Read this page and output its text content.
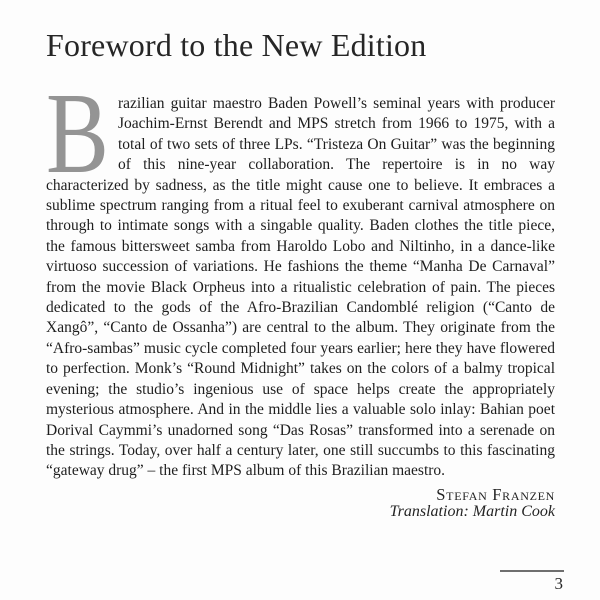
Foreword to the New Edition
Brazilian guitar maestro Baden Powell’s seminal years with producer Joachim-Ernst Berendt and MPS stretch from 1966 to 1975, with a total of two sets of three LPs. “Tristeza On Guitar” was the beginning of this nine-year collaboration. The repertoire is in no way characterized by sadness, as the title might cause one to believe. It embraces a sublime spectrum ranging from a ritual feel to exuberant carnival atmosphere on through to intimate songs with a singable quality. Baden clothes the title piece, the famous bittersweet samba from Haroldo Lobo and Niltinho, in a dance-like virtuoso succession of variations. He fashions the theme “Manha De Carnaval” from the movie Black Orpheus into a ritualistic celebration of pain. The pieces dedicated to the gods of the Afro-Brazilian Candomblé religion (“Canto de Xangô”, “Canto de Ossanha”) are central to the album. They originate from the “Afro-sambas” music cycle completed four years earlier; here they have flowered to perfection. Monk’s “Round Midnight” takes on the colors of a balmy tropical evening; the studio’s ingenious use of space helps create the appropriately mysterious atmosphere. And in the middle lies a valuable solo inlay: Bahian poet Dorival Caymmi’s unadorned song “Das Rosas” transformed into a serenade on the strings. Today, over half a century later, one still succumbs to this fascinating “gateway drug” – the first MPS album of this Brazilian maestro.
Stefan Franzen
Translation: Martin Cook
3
